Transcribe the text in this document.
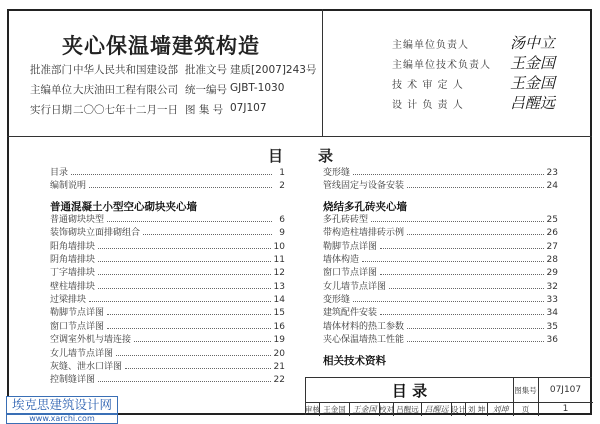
夹心保温墙建筑构造
批准部门 中华人民共和国建设部 批准文号 建质[2007]243号
主编单位 大庆油田工程有限公司 统一编号 GJBT-1030
实行日期 二〇〇七年十二月一日 图 集 号 07J107
主编单位负责人	汤中立
主编单位技术负责人 王金国
技 术 审 定 人	王金国
设 计 负 责 人	吕醒远
目 录
目录	1
编制说明	2
普通混凝土小型空心砌块夹心墙
普通砌块块型	6
装饰砌块立面排砌组合	9
阳角墙排块	10
阴角墙排块	11
丁字墙排块	12
壁柱墙排块	13
过梁排块	14
勒脚节点详图	15
窗口节点详图	16
空调室外机与墙连接	19
女儿墙节点详图	20
灰缝、泄水口详图	21
控制缝详图	22
变形缝	23
管线固定与设备安装	24
烧结多孔砖夹心墙
多孔砖砖型	25
带构造柱墙排砖示例	26
勒脚节点详图	27
墙体构造	28
窗口节点详图	29
女儿墙节点详图	32
变形缝	33
建筑配件安装	34
墙体材料的热工参数	35
夹心保温墙热工性能	36
相关技术资料
目 录	图集号	07J107
页	1
审核 王金国 王金国 校对 吕醒远 吕醒远 设计 刘 坤 刘坤
埃克思建筑设计网
www.xarchi.com
